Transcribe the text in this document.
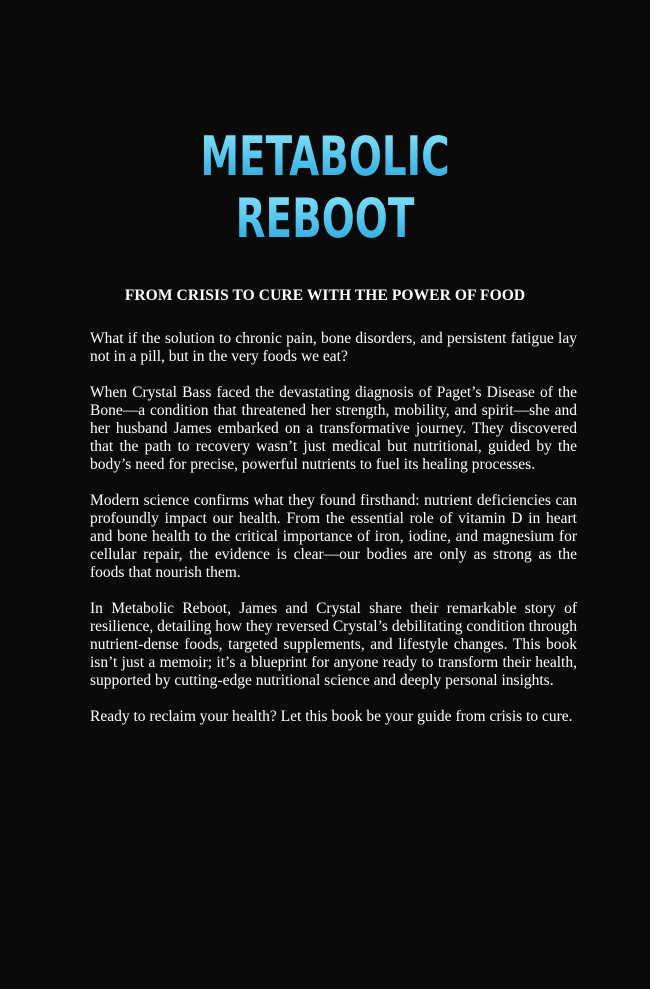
METABOLIC
REBOOT
FROM CRISIS TO CURE WITH THE POWER OF FOOD

What if the solution to chronic pain, bone disorders, and persistent fatigue lay not in a pill, but in the very foods we eat?

When Crystal Bass faced the devastating diagnosis of Paget’s Disease of the Bone—a condition that threatened her strength, mobility, and spirit—she and her husband James embarked on a transformative journey. They discovered that the path to recovery wasn’t just medical but nutritional, guided by the body’s need for precise, powerful nutrients to fuel its healing processes.

Modern science confirms what they found firsthand: nutrient deficiencies can profoundly impact our health. From the essential role of vitamin D in heart and bone health to the critical importance of iron, iodine, and magnesium for cellular repair, the evidence is clear—our bodies are only as strong as the foods that nourish them.

In Metabolic Reboot, James and Crystal share their remarkable story of resilience, detailing how they reversed Crystal’s debilitating condition through nutrient-dense foods, targeted supplements, and lifestyle changes. This book isn’t just a memoir; it’s a blueprint for anyone ready to transform their health, supported by cutting-edge nutritional science and deeply personal insights.

Ready to reclaim your health? Let this book be your guide from crisis to cure.
